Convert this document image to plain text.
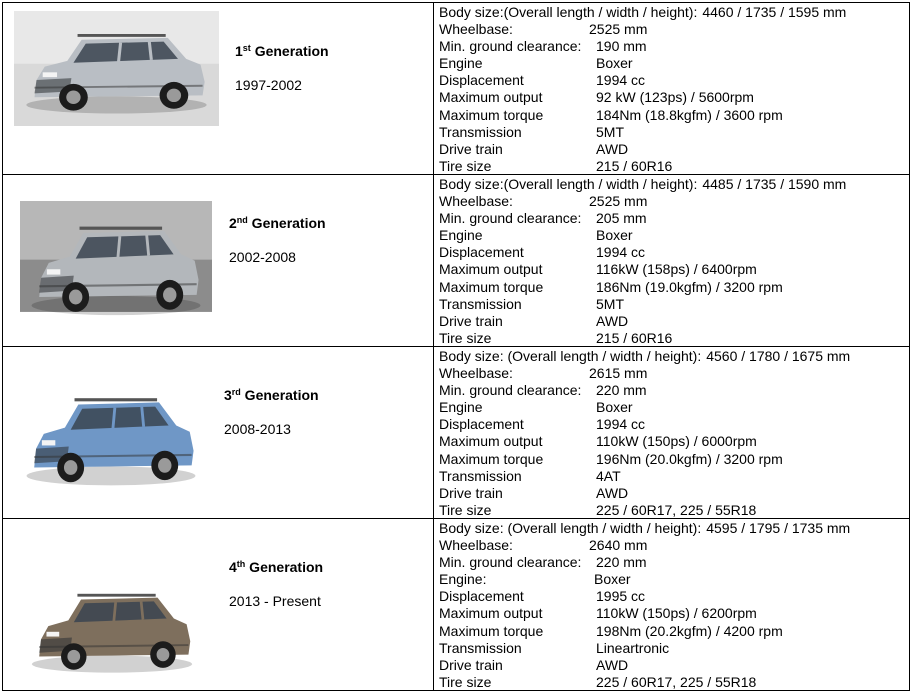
1st Generation
1997-2002
Body size:(Overall length / width / height): 4460 / 1735 / 1595 mm
Wheelbase:	2525 mm
Min. ground clearance: 190 mm
Engine	Boxer
Displacement	1994 cc
Maximum output	92 kW (123ps) / 5600rpm
Maximum torque	184Nm (18.8kgfm) / 3600 rpm
Transmission	5MT
Drive train	AWD
Tire size	215 / 60R16
2nd Generation
2002-2008
Body size:(Overall length / width / height): 4485 / 1735 / 1590 mm
Wheelbase:	2525 mm
Min. ground clearance: 205 mm
Engine	Boxer
Displacement	1994 cc
Maximum output	116kW (158ps) / 6400rpm
Maximum torque	186Nm (19.0kgfm) / 3200 rpm
Transmission	5MT
Drive train	AWD
Tire size	215 / 60R16
3rd Generation
2008-2013
Body size: (Overall length / width / height): 4560 / 1780 / 1675 mm
Wheelbase:	2615 mm
Min. ground clearance: 220 mm
Engine	Boxer
Displacement	1994 cc
Maximum output	110kW (150ps) / 6000rpm
Maximum torque	196Nm (20.0kgfm) / 3200 rpm
Transmission	4AT
Drive train	AWD
Tire size	225 / 60R17, 225 / 55R18
4th Generation
2013 - Present
Body size: (Overall length / width / height): 4595 / 1795 / 1735 mm
Wheelbase:	2640 mm
Min. ground clearance: 220 mm
Engine:	Boxer
Displacement	1995 cc
Maximum output	110kW (150ps) / 6200rpm
Maximum torque	198Nm (20.2kgfm) / 4200 rpm
Transmission	Lineartronic
Drive train	AWD
Tire size	225 / 60R17, 225 / 55R18
